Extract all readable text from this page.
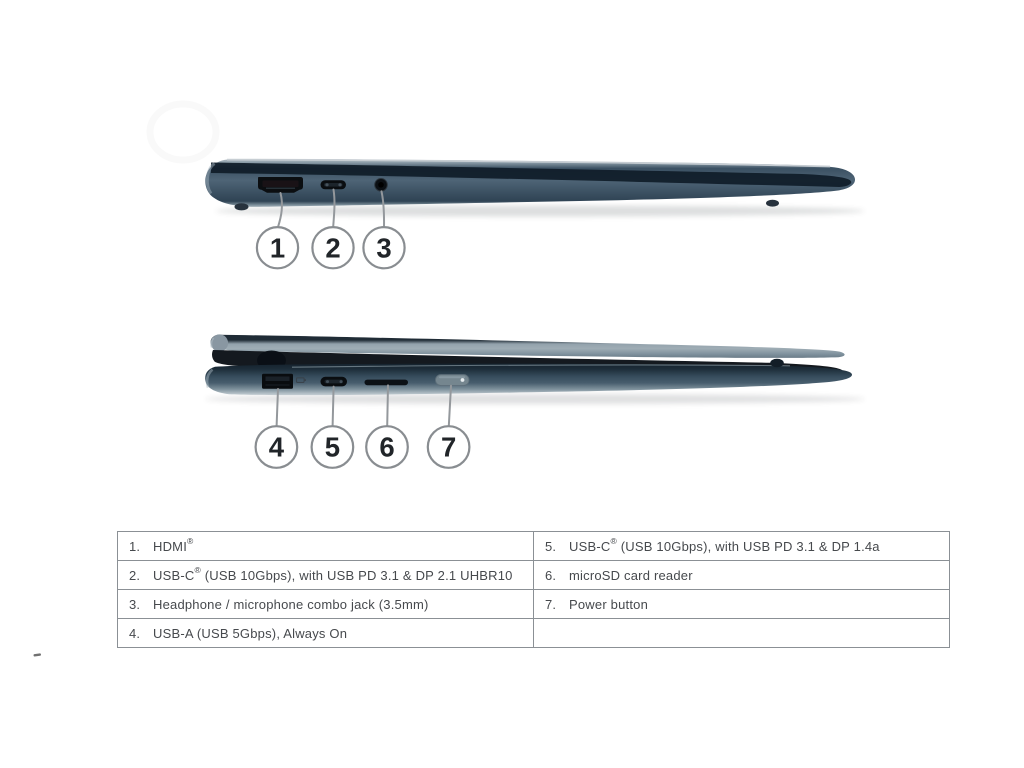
1 2 3
4 5 6 7
1. HDMI®	5. USB-C® (USB 10Gbps), with USB PD 3.1 & DP 1.4a
2. USB-C® (USB 10Gbps), with USB PD 3.1 & DP 2.1 UHBR10	6. microSD card reader
3. Headphone / microphone combo jack (3.5mm)	7. Power button
4. USB-A (USB 5Gbps), Always On
